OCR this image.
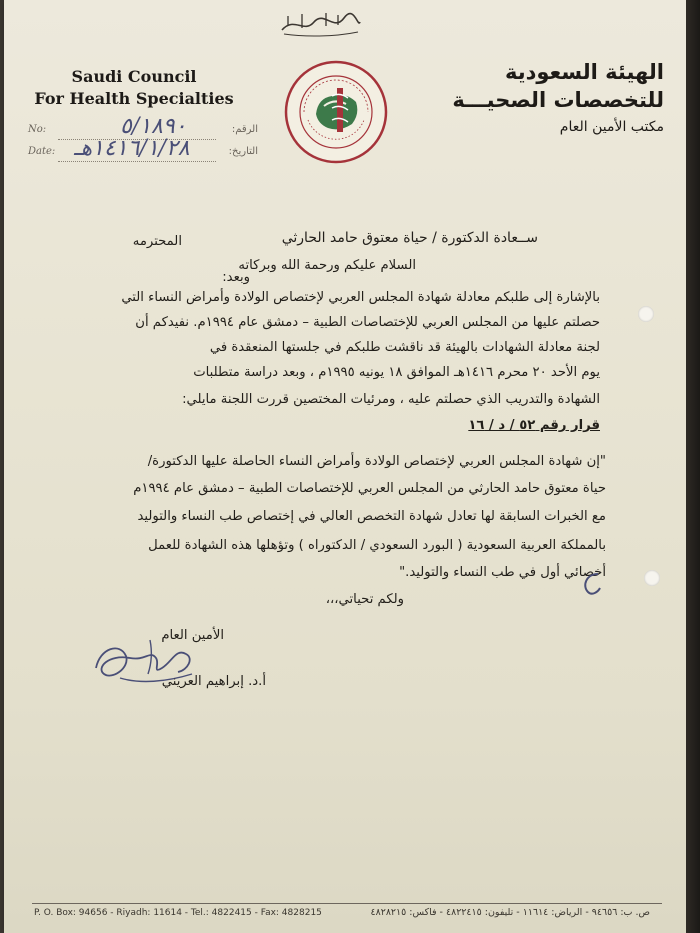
Saudi Council
For Health Specialties
الهيئة السعودية
للتخصصات الصحيـــة
مكتب الأمين العام
No:	٥/١٨٩٠	الرقم:
Date: ١٤١٦/١/٢٨هـ	التاريخ:
ســعادة الدكتورة / حياة معتوق حامد الحارثي
المحترمه
السلام عليكم ورحمة الله وبركاته
وبعد:
بالإشارة إلى طلبكم معادلة شهادة المجلس العربي لإختصاص الولادة وأمراض النساء التي
حصلتم عليها من المجلس العربي للإختصاصات الطبية – دمشق عام ١٩٩٤م. نفيدكم أن
لجنة معادلة الشهادات بالهيئة قد ناقشت طلبكم في جلستها المنعقدة في
يوم الأحد ٢٠ محرم ١٤١٦هـ الموافق ١٨ يونيه ١٩٩٥م ، وبعد دراسة متطلبات
الشهادة والتدريب الذي حصلتم عليه ، ومرئيات المختصين قررت اللجنة مايلي:
قرار رقم ٥٢ / د / ١٦
"إن شهادة المجلس العربي لإختصاص الولادة وأمراض النساء الحاصلة عليها الدكتورة/
حياة معتوق حامد الحارثي من المجلس العربي للإختصاصات الطبية – دمشق عام ١٩٩٤م
مع الخبرات السابقة لها تعادل شهادة التخصص العالي في إختصاص طب النساء والتوليد
بالمملكة العربية السعودية ( البورد السعودي / الدكتوراه ) وتؤهلها هذه الشهادة للعمل
أخصائي أول في طب النساء والتوليد."
ولكم تحياتي،،،
الأمين العام
أ.د. إبراهيم العريني
P. O. Box: 94656 - Riyadh: 11614 - Tel.: 4822415 - Fax: 4828215	ص. ب: ٩٤٦٥٦ - الرياض: ١١٦١٤ - تليفون: ٤٨٢٢٤١٥ - فاكس: ٤٨٢٨٢١٥
